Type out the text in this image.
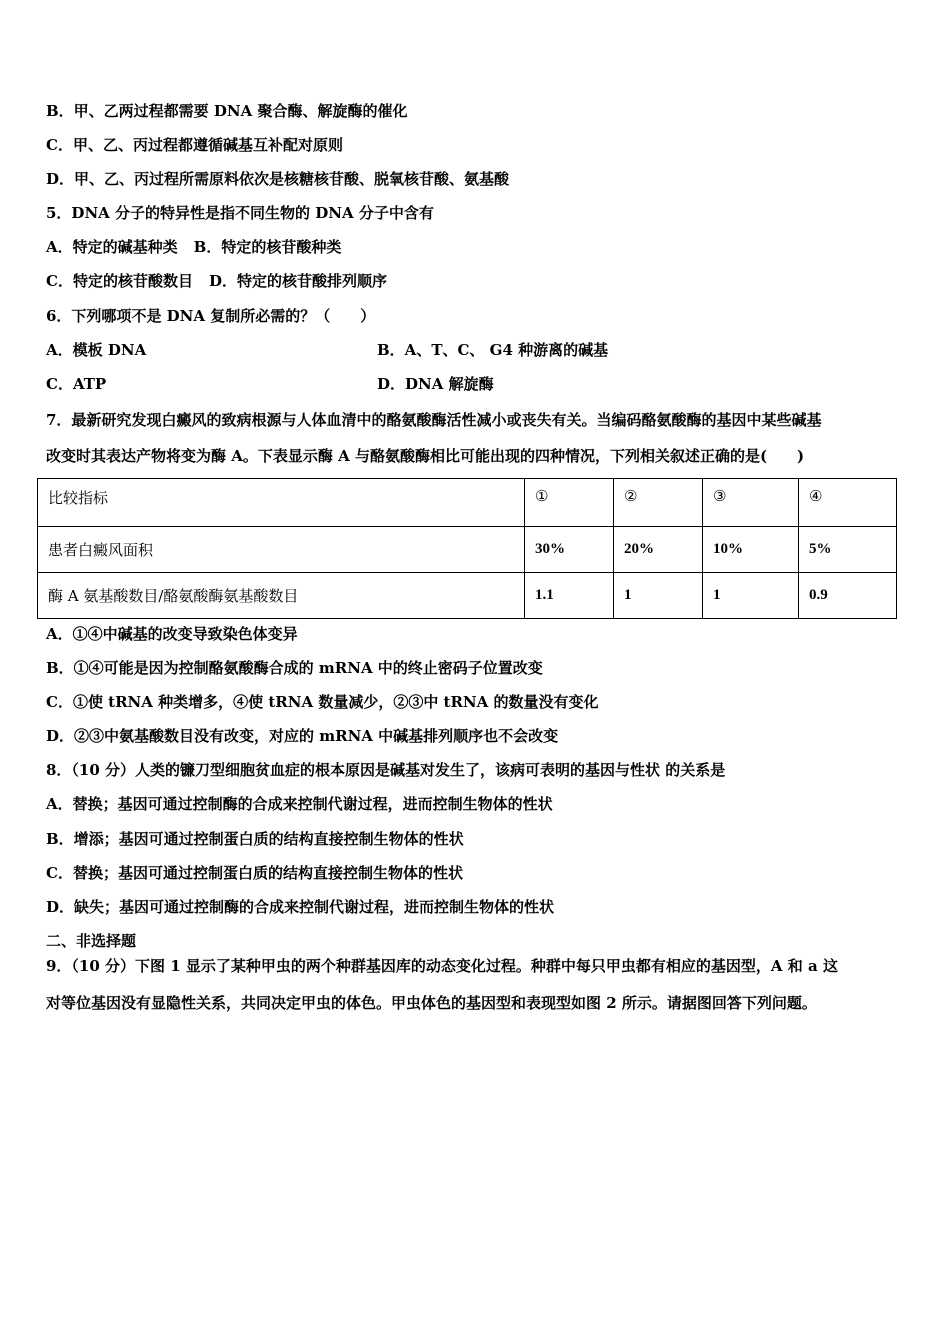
B．甲、乙两过程都需要 DNA 聚合酶、解旋酶的催化
C．甲、乙、丙过程都遵循碱基互补配对原则
D．甲、乙、丙过程所需原料依次是核糖核苷酸、脱氧核苷酸、氨基酸
5．DNA 分子的特异性是指不同生物的 DNA 分子中含有
A．特定的碱基种类 B．特定的核苷酸种类
C．特定的核苷酸数目 D．特定的核苷酸排列顺序
6．下列哪项不是 DNA 复制所必需的？（　　）
A．模板 DNA	B．A、T、C、 G4 种游离的碱基
C．ATP	D．DNA 解旋酶
7．最新研究发现白癜风的致病根源与人体血清中的酪氨酸酶活性减小或丧失有关。当编码酪氨酸酶的基因中某些碱基
改变时其表达产物将变为酶 A。下表显示酶 A 与酪氨酸酶相比可能出现的四种情况，下列相关叙述正确的是(　　)
比较指标	①	②	③	④
患者白癜风面积	30%	20%	10%	5%
酶 A 氨基酸数目/酪氨酸酶氨基酸数目	1.1	1	1	0.9
A．①④中碱基的改变导致染色体变异
B．①④可能是因为控制酪氨酸酶合成的 mRNA 中的终止密码子位置改变
C．①使 tRNA 种类增多，④使 tRNA 数量减少，②③中 tRNA 的数量没有变化
D．②③中氨基酸数目没有改变，对应的 mRNA 中碱基排列顺序也不会改变
8．（10 分）人类的镰刀型细胞贫血症的根本原因是碱基对发生了，该病可表明的基因与性状 的关系是
A．替换；基因可通过控制酶的合成来控制代谢过程，进而控制生物体的性状
B．增添；基因可通过控制蛋白质的结构直接控制生物体的性状
C．替换；基因可通过控制蛋白质的结构直接控制生物体的性状
D．缺失；基因可通过控制酶的合成来控制代谢过程，进而控制生物体的性状
二、非选择题
9．（10 分）下图 1 显示了某种甲虫的两个种群基因库的动态变化过程。种群中每只甲虫都有相应的基因型，A 和 a 这
对等位基因没有显隐性关系，共同决定甲虫的体色。甲虫体色的基因型和表现型如图 2 所示。请据图回答下列问题。
